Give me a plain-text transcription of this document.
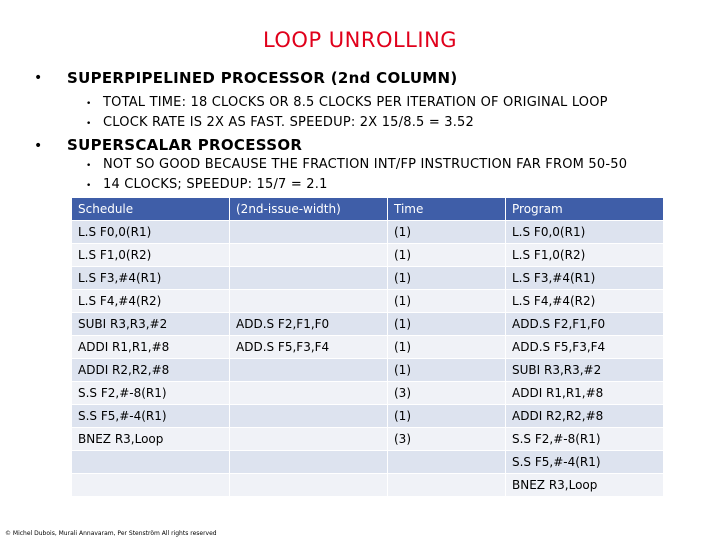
LOOP UNROLLING
• SUPERPIPELINED PROCESSOR (2nd COLUMN)
• TOTAL TIME: 18 CLOCKS OR 8.5 CLOCKS PER ITERATION OF ORIGINAL LOOP
• CLOCK RATE IS 2X AS FAST. SPEEDUP: 2X 15/8.5 = 3.52
• SUPERSCALAR PROCESSOR
• NOT SO GOOD BECAUSE THE FRACTION INT/FP INSTRUCTION FAR FROM 50-50
• 14 CLOCKS; SPEEDUP: 15/7 = 2.1
Schedule	(2nd-issue-width)	Time	Program
L.S F0,0(R1)		(1)	L.S F0,0(R1)
L.S F1,0(R2)		(1)	L.S F1,0(R2)
L.S F3,#4(R1)		(1)	L.S F3,#4(R1)
L.S F4,#4(R2)		(1)	L.S F4,#4(R2)
SUBI R3,R3,#2	ADD.S F2,F1,F0	(1)	ADD.S F2,F1,F0
ADDI R1,R1,#8	ADD.S F5,F3,F4	(1)	ADD.S F5,F3,F4
ADDI R2,R2,#8		(1)	SUBI R3,R3,#2
S.S F2,#-8(R1)		(3)	ADDI R1,R1,#8
S.S F5,#-4(R1)		(1)	ADDI R2,R2,#8
BNEZ R3,Loop		(3)	S.S F2,#-8(R1)
			S.S F5,#-4(R1)
			BNEZ R3,Loop
© Michel Dubois, Murali Annavaram, Per Stenström All rights reserved
